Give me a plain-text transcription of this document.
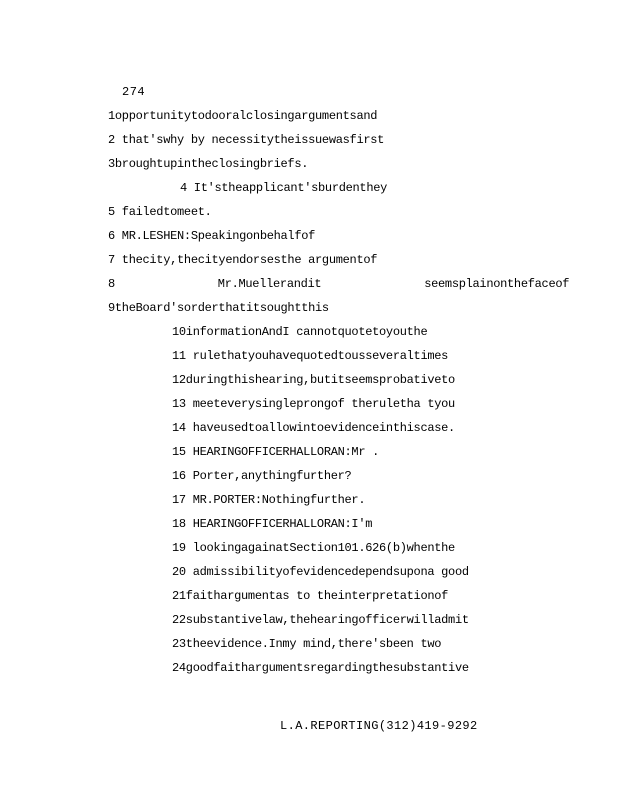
274
1opportunitytodooralclosingargumentsand
2 that'swhy by necessitytheissuewasfirst
3broughtupintheclosingbriefs.
4 It'stheapplicant'sburdenthey
5 failedtomeet.
6 MR.LESHEN:Speakingonbehalfof
7 thecity,thecityendorsesthe argumentof
8 Mr.Muellerandit seemsplainonthefaceof
9theBoard'sorderthatitsoughtthis
10informationAndI cannotquotetoyouthe
11 rulethatyouhavequotedtousseveraltimes
12duringthishearing,butitseemsprobativeto
13 meeteverysingleprongof theruletha tyou
14 haveusedtoallowintoevidenceinthiscase.
15 HEARINGOFFICERHALLORAN:Mr .
16 Porter,anythingfurther?
17 MR.PORTER:Nothingfurther.
18 HEARINGOFFICERHALLORAN:I'm
19 lookingagainatSection101.626(b)whenthe
20 admissibilityofevidencedependsupona good
21faithargumentas to theinterpretationof
22substantivelaw,thehearingofficerwilladmit
23theevidence.Inmy mind,there'sbeen two
24goodfaithargumentsregardingthesubstantive
L.A.REPORTING(312)419-9292
